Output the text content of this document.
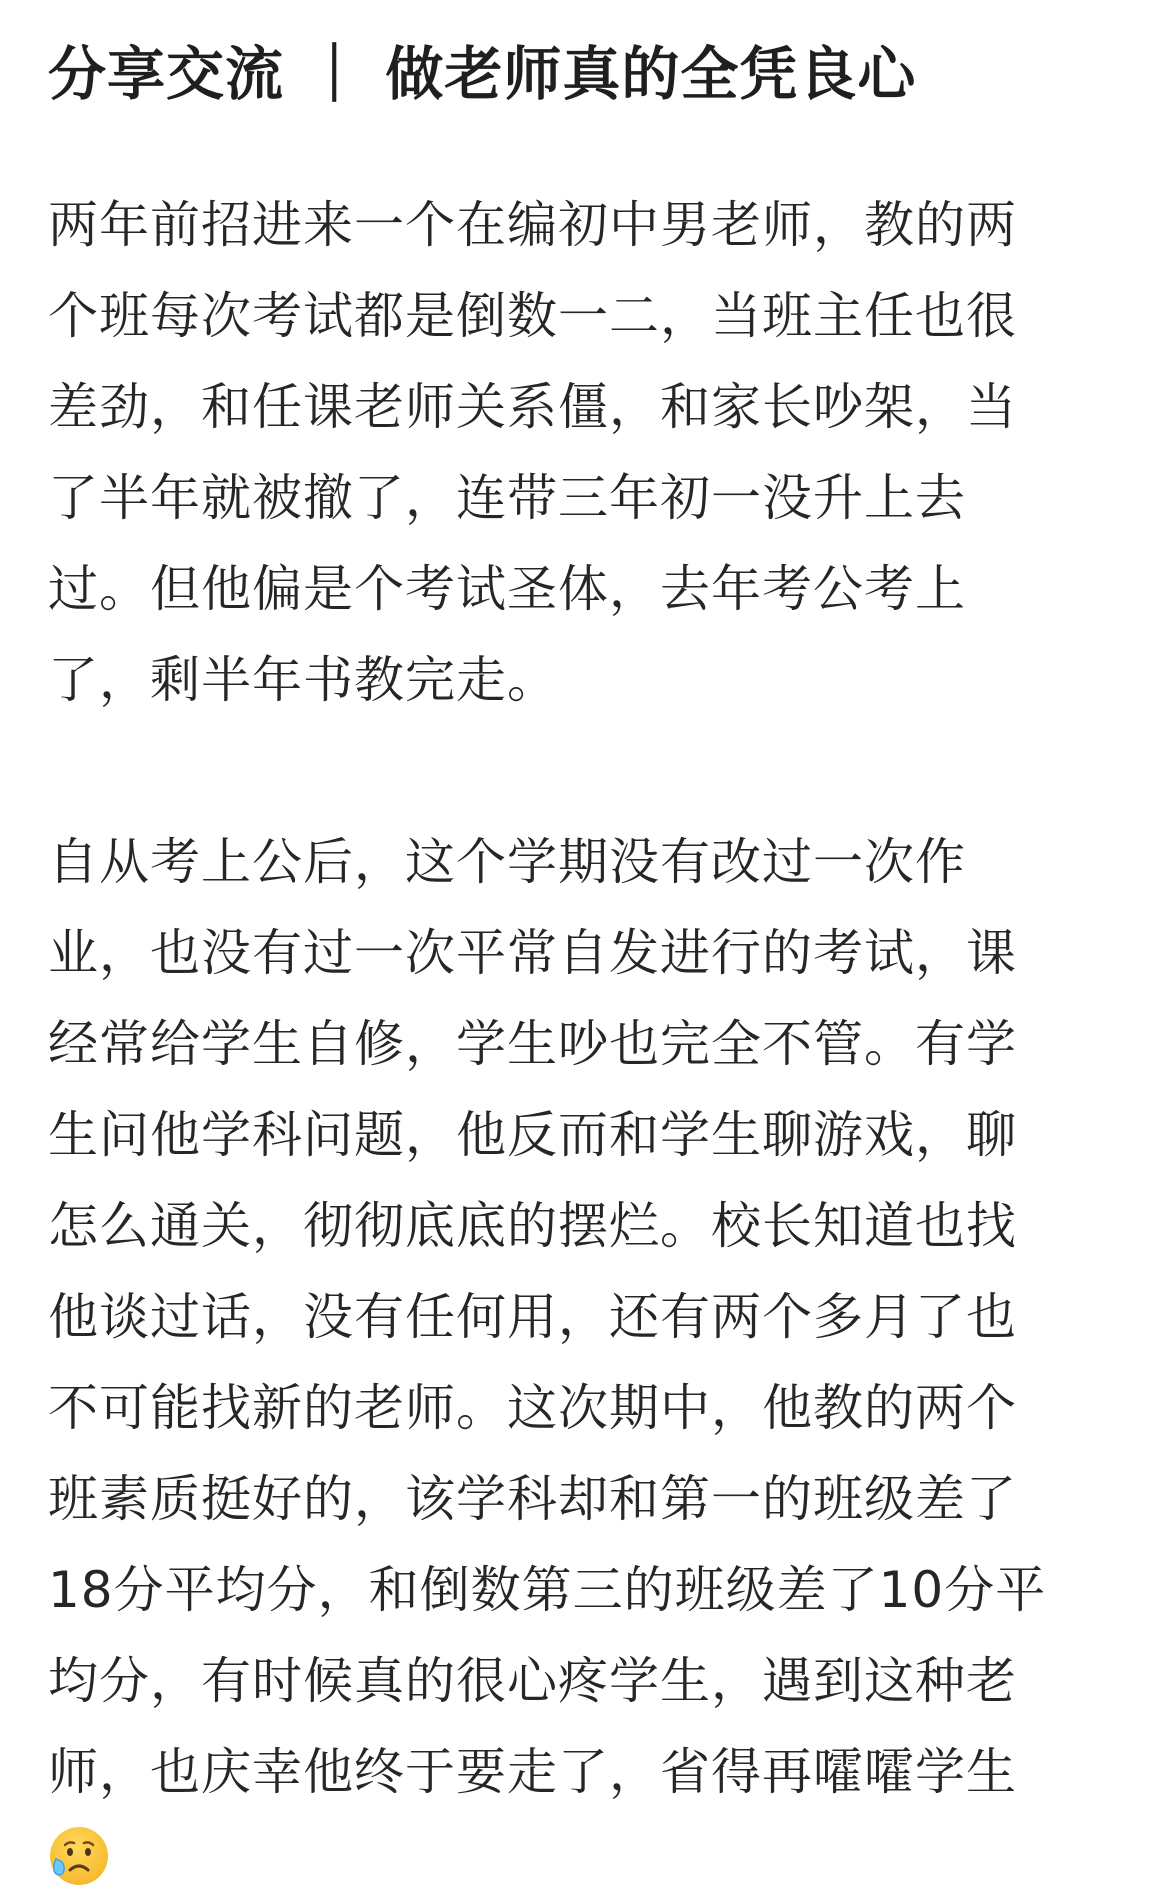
分享交流 ｜ 做老师真的全凭良心
两年前招进来一个在编初中男老师，教的两
个班每次考试都是倒数一二，当班主任也很
差劲，和任课老师关系僵，和家长吵架，当
了半年就被撤了，连带三年初一没升上去
过。但他偏是个考试圣体，去年考公考上
了，剩半年书教完走。
自从考上公后，这个学期没有改过一次作
业，也没有过一次平常自发进行的考试，课
经常给学生自修，学生吵也完全不管。有学
生问他学科问题，他反而和学生聊游戏，聊
怎么通关，彻彻底底的摆烂。校长知道也找
他谈过话，没有任何用，还有两个多月了也
不可能找新的老师。这次期中，他教的两个
班素质挺好的，该学科却和第一的班级差了
18分平均分，和倒数第三的班级差了10分平
均分，有时候真的很心疼学生，遇到这种老
师，也庆幸他终于要走了，省得再嚯嚯学生
